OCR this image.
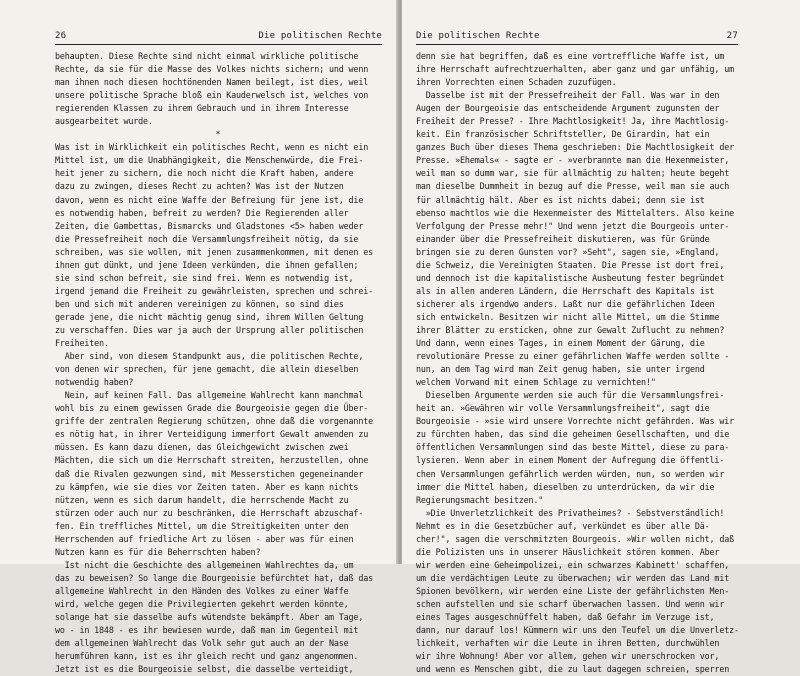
26	Die politischen Rechte
behaupten. Diese Rechte sind nicht einmal wirkliche politische
Rechte, da sie für die Masse des Volkes nichts sichern; und wenn
man ihnen noch diesen hochtönenden Namen beilegt, ist dies, weil
unsere politische Sprache bloß ein Kauderwelsch ist, welches von
regierenden Klassen zu ihrem Gebrauch und in ihrem Interesse
ausgearbeitet wurde.
*
Was ist in Wirklichkeit ein politisches Recht, wenn es nicht ein
Mittel ist, um die Unabhängigkeit, die Menschenwürde, die Frei-
heit jener zu sichern, die noch nicht die Kraft haben, andere
dazu zu zwingen, dieses Recht zu achten? Was ist der Nutzen
davon, wenn es nicht eine Waffe der Befreiung für jene ist, die
es notwendig haben, befreit zu werden? Die Regierenden aller
Zeiten, die Gambettas, Bismarcks und Gladstones <5> haben weder
die Pressefreiheit noch die Versammlungsfreiheit nötig, da sie
schreiben, was sie wollen, mit jenen zusammenkommen, mit denen es
ihnen gut dünkt, und jene Ideen verkünden, die ihnen gefallen;
sie sind schon befreit, sie sind frei. Wenn es notwendig ist,
irgend jemand die Freiheit zu gewährleisten, sprechen und schrei-
ben und sich mit anderen vereinigen zu können, so sind dies
gerade jene, die nicht mächtig genug sind, ihrem Willen Geltung
zu verschaffen. Dies war ja auch der Ursprung aller politischen
Freiheiten.
Aber sind, von diesem Standpunkt aus, die politischen Rechte,
von denen wir sprechen, für jene gemacht, die allein dieselben
notwendig haben?
Nein, auf keinen Fall. Das allgemeine Wahlrecht kann manchmal
wohl bis zu einem gewissen Grade die Bourgeoisie gegen die Über-
griffe der zentralen Regierung schützen, ohne daß die vorgenannte
es nötig hat, in ihrer Verteidigung immerfort Gewalt anwenden zu
müssen. Es kann dazu dienen, das Gleichgewicht zwischen zwei
Mächten, die sich um die Herrschaft streiten, herzustellen, ohne
daß die Rivalen gezwungen sind, mit Messerstichen gegeneinander
zu kämpfen, wie sie dies vor Zeiten taten. Aber es kann nichts
nützen, wenn es sich darum handelt, die herrschende Macht zu
stürzen oder auch nur zu beschränken, die Herrschaft abzuschaf-
fen. Ein treffliches Mittel, um die Streitigkeiten unter den
Herrschenden auf friedliche Art zu lösen - aber was für einen
Nutzen kann es für die Beherrschten haben?
Ist nicht die Geschichte des allgemeinen Wahlrechtes da, um
das zu beweisen? So lange die Bourgeoisie befürchtet hat, daß das
allgemeine Wahlrecht in den Händen des Volkes zu einer Waffe
wird, welche gegen die Privilegierten gekehrt werden könnte,
solange hat sie dasselbe aufs wütendste bekämpft. Aber am Tage,
wo - in 1848 - es ihr bewiesen wurde, daß man im Gegenteil mit
dem allgemeinen Wahlrecht das Volk sehr gut auch an der Nase
herumführen kann, ist es ihr gleich recht und ganz angenommen.
Jetzt ist es die Bourgeoisie selbst, die dasselbe verteidigt,
Die politischen Rechte	27
denn sie hat begriffen, daß es eine vortreffliche Waffe ist, um
ihre Herrschaft aufrechtzuerhalten, aber ganz und gar unfähig, um
ihren Vorrechten einen Schaden zuzufügen.
Dasselbe ist mit der Pressefreiheit der Fall. Was war in den
Augen der Bourgeoisie das entscheidende Argument zugunsten der
Freiheit der Presse? - Ihre Machtlosigkeit! Ja, ihre Machtlosig-
keit. Ein französischer Schriftsteller, De Girardin, hat ein
ganzes Buch über dieses Thema geschrieben: Die Machtlosigkeit der
Presse. »Ehemals« - sagte er - »verbrannte man die Hexenmeister,
weil man so dumm war, sie für allmächtig zu halten; heute begeht
man dieselbe Dummheit in bezug auf die Presse, weil man sie auch
für allmächtig hält. Aber es ist nichts dabei; denn sie ist
ebenso machtlos wie die Hexenmeister des Mittelalters. Also keine
Verfolgung der Presse mehr!" Und wenn jetzt die Bourgeois unter-
einander über die Pressefreiheit diskutieren, was für Gründe
bringen sie zu deren Gunsten vor? »Seht", sagen sie, »England,
die Schweiz, die Vereinigten Staaten. Die Presse ist dort frei,
und dennoch ist die kapitalistische Ausbeutung fester begründet
als in allen anderen Ländern, die Herrschaft des Kapitals ist
sicherer als irgendwo anders. Laßt nur die gefährlichen Ideen
sich entwickeln. Besitzen wir nicht alle Mittel, um die Stimme
ihrer Blätter zu ersticken, ohne zur Gewalt Zuflucht zu nehmen?
Und dann, wenn eines Tages, in einem Moment der Gärung, die
revolutionäre Presse zu einer gefährlichen Waffe werden sollte -
nun, an dem Tag wird man Zeit genug haben, sie unter irgend
welchem Vorwand mit einem Schlage zu vernichten!"
Dieselben Argumente werden sie auch für die Versammlungsfrei-
heit an. »Gewähren wir volle Versammlungsfreiheit", sagt die
Bourgeoisie - »sie wird unsere Vorrechte nicht gefährden. Was wir
zu fürchten haben, das sind die geheimen Gesellschaften, und die
öffentlichen Versammlungen sind das beste Mittel, diese zu para-
lysieren. Wenn aber in einem Moment der Aufregung die öffentli-
chen Versammlungen gefährlich werden würden, nun, so werden wir
immer die Mittel haben, dieselben zu unterdrücken, da wir die
Regierungsmacht besitzen."
»Die Unverletzlichkeit des Privatheimes? - Sebstverständlich!
Nehmt es in die Gesetzbücher auf, verkündet es über alle Dä-
cher!", sagen die verschmitzten Bourgeois. »Wir wollen nicht, daß
die Polizisten uns in unserer Häuslichkeit stören kommen. Aber
wir werden eine Geheimpolizei, ein schwarzes Kabinett' schaffen,
um die verdächtigen Leute zu überwachen; wir werden das Land mit
Spionen bevölkern, wir werden eine Liste der gefährlichsten Men-
schen aufstellen und sie scharf überwachen lassen. Und wenn wir
eines Tages ausgeschnüffelt haben, daß Gefahr im Verzuge ist,
dann, nur darauf los! Kümmern wir uns den Teufel um die Unverletz-
lichkeit, verhaften wir die Leute in ihren Betten, durchwühlen
wir ihre Wohnung! Aber vor allem, gehen wir unerschrocken vor,
und wenn es Menschen gibt, die zu laut dagegen schreien, sperren
